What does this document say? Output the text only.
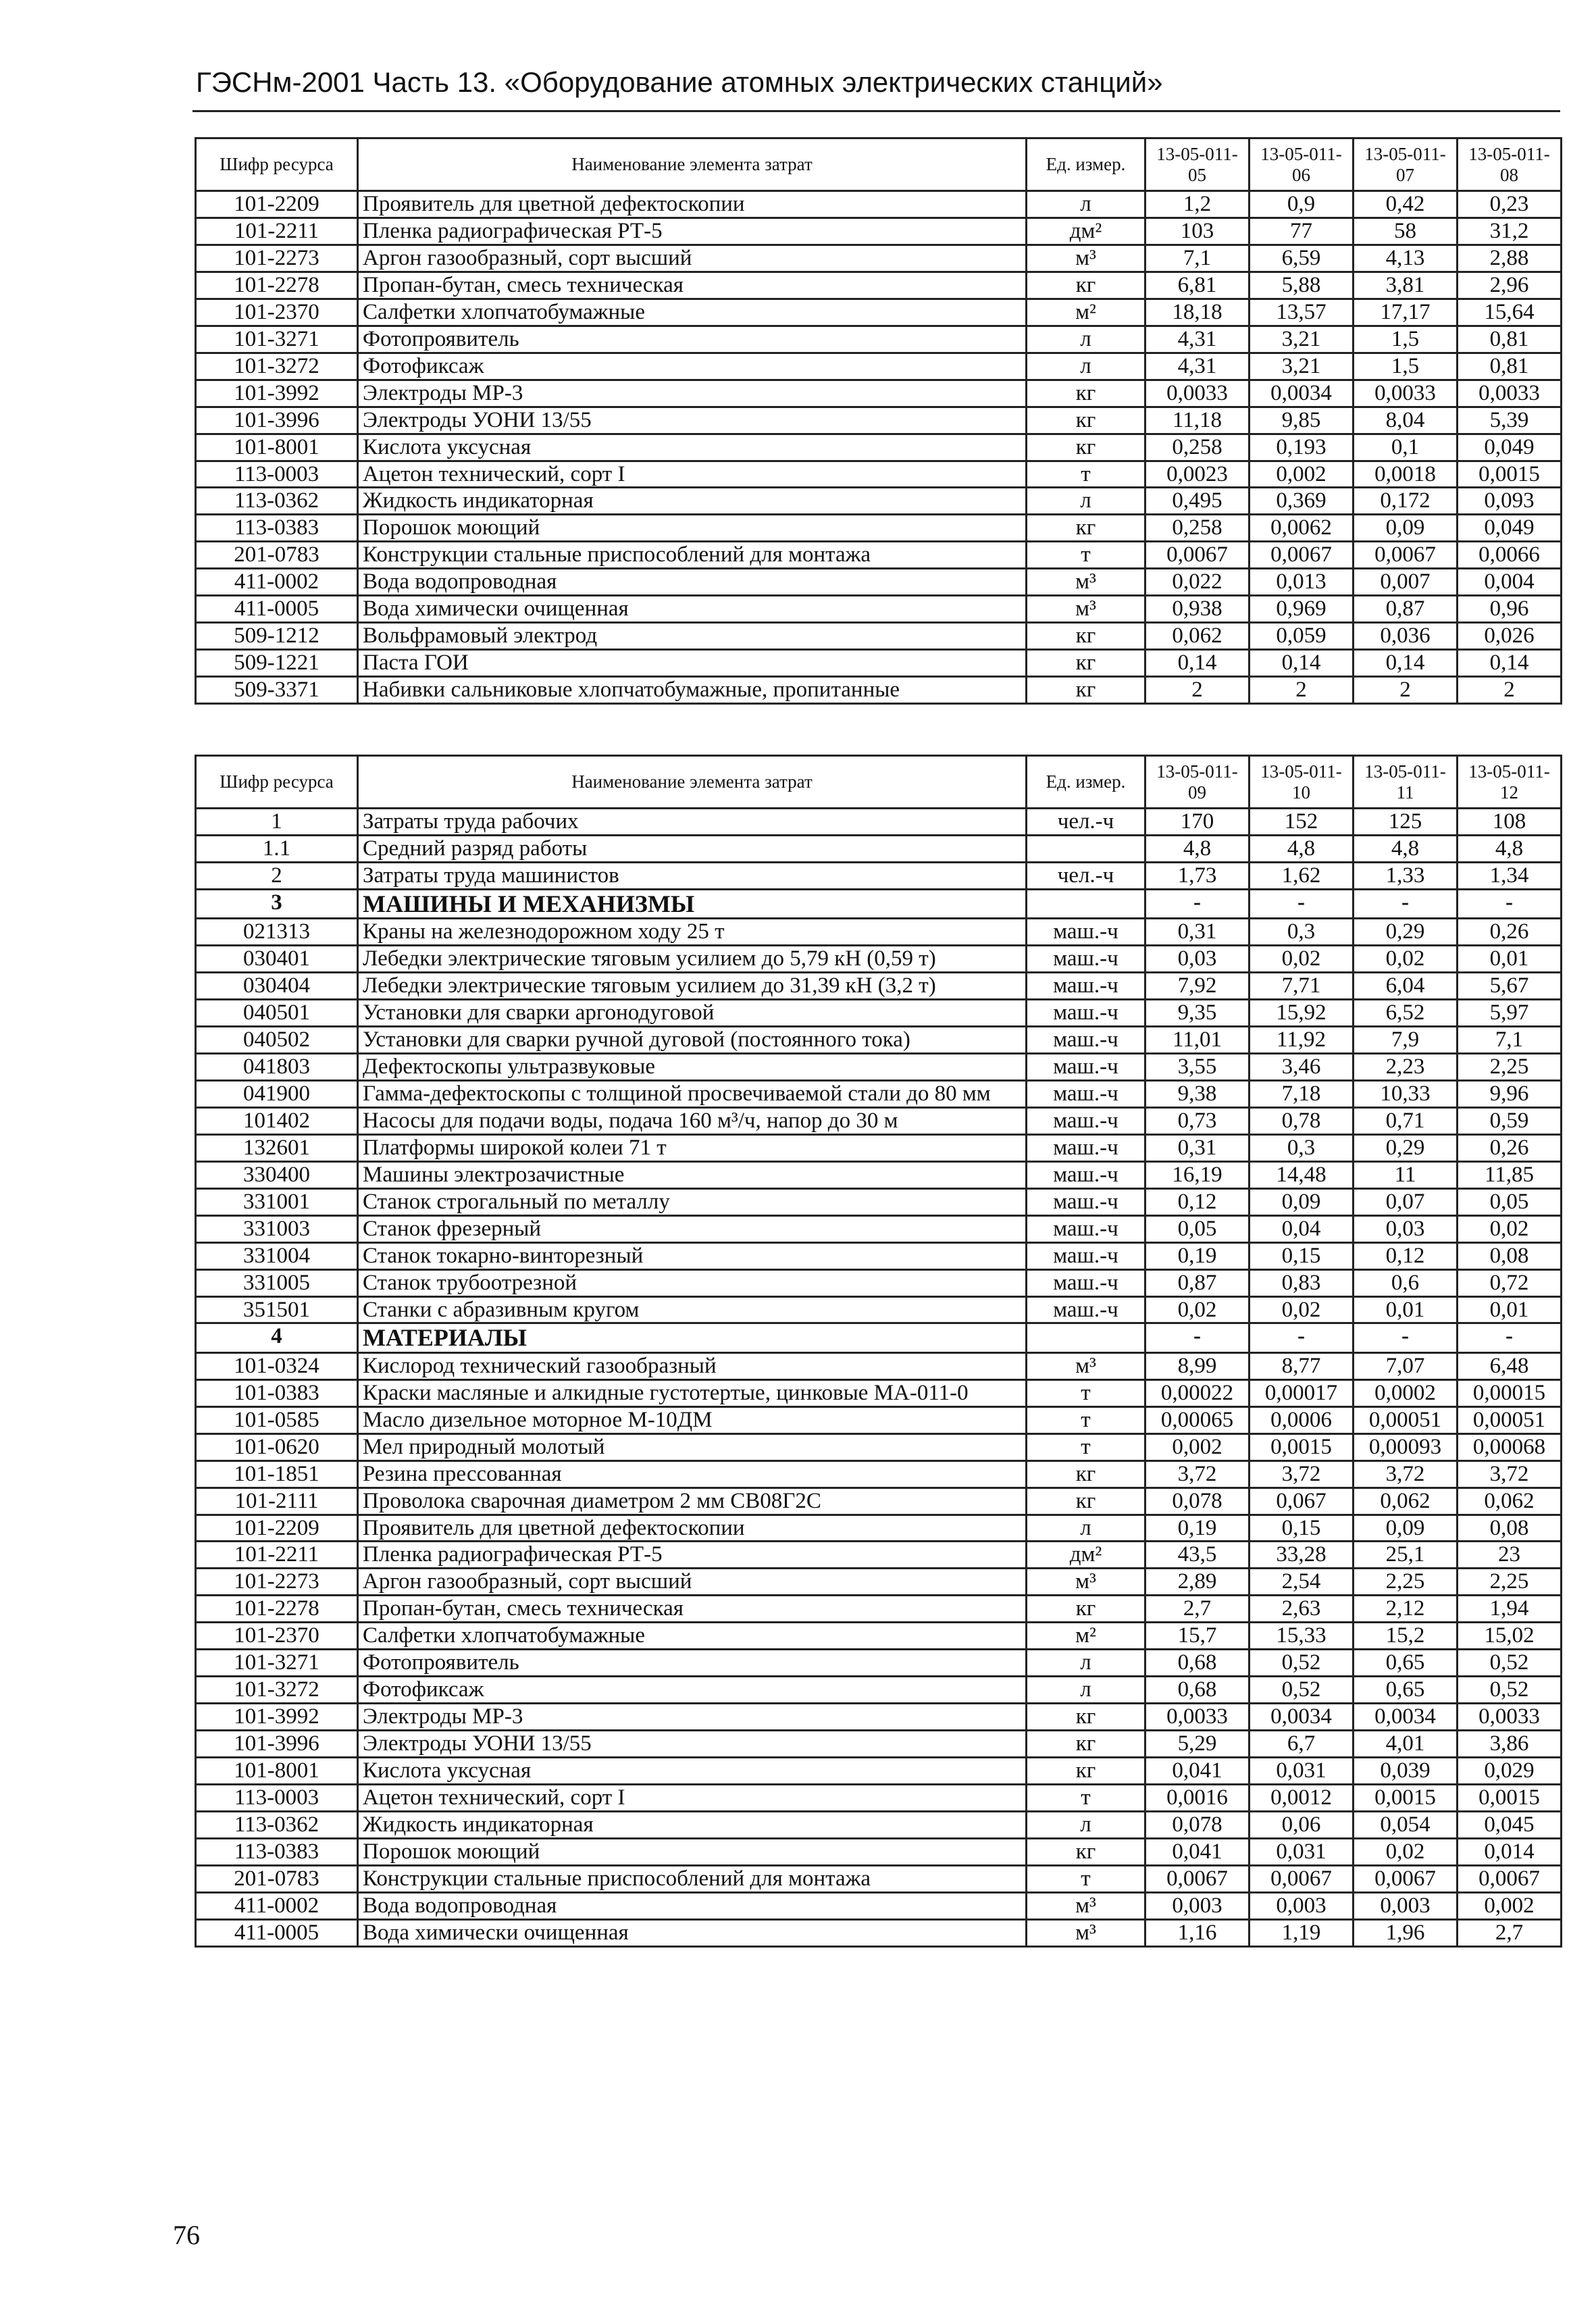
ГЭСНм-2001 Часть 13. «Оборудование атомных электрических станций»
Шифр ресурса	Наименование элемента затрат	Ед. измер.	13-05-011-05	13-05-011-06	13-05-011-07	13-05-011-08
101-2209	Проявитель для цветной дефектоскопии	л	1,2	0,9	0,42	0,23
101-2211	Пленка радиографическая РТ-5	дм²	103	77	58	31,2
101-2273	Аргон газообразный, сорт высший	м³	7,1	6,59	4,13	2,88
101-2278	Пропан-бутан, смесь техническая	кг	6,81	5,88	3,81	2,96
101-2370	Салфетки хлопчатобумажные	м²	18,18	13,57	17,17	15,64
101-3271	Фотопроявитель	л	4,31	3,21	1,5	0,81
101-3272	Фотофиксаж	л	4,31	3,21	1,5	0,81
101-3992	Электроды МР-3	кг	0,0033	0,0034	0,0033	0,0033
101-3996	Электроды УОНИ 13/55	кг	11,18	9,85	8,04	5,39
101-8001	Кислота уксусная	кг	0,258	0,193	0,1	0,049
113-0003	Ацетон технический, сорт I	т	0,0023	0,002	0,0018	0,0015
113-0362	Жидкость индикаторная	л	0,495	0,369	0,172	0,093
113-0383	Порошок моющий	кг	0,258	0,0062	0,09	0,049
201-0783	Конструкции стальные приспособлений для монтажа	т	0,0067	0,0067	0,0067	0,0066
411-0002	Вода водопроводная	м³	0,022	0,013	0,007	0,004
411-0005	Вода химически очищенная	м³	0,938	0,969	0,87	0,96
509-1212	Вольфрамовый электрод	кг	0,062	0,059	0,036	0,026
509-1221	Паста ГОИ	кг	0,14	0,14	0,14	0,14
509-3371	Набивки сальниковые хлопчатобумажные, пропитанные	кг	2	2	2	2
Шифр ресурса	Наименование элемента затрат	Ед. измер.	13-05-011-09	13-05-011-10	13-05-011-11	13-05-011-12
1	Затраты труда рабочих	чел.-ч	170	152	125	108
1.1	Средний разряд работы		4,8	4,8	4,8	4,8
2	Затраты труда машинистов	чел.-ч	1,73	1,62	1,33	1,34
3	МАШИНЫ И МЕХАНИЗМЫ		-	-	-	-
021313	Краны на железнодорожном ходу 25 т	маш.-ч	0,31	0,3	0,29	0,26
030401	Лебедки электрические тяговым усилием до 5,79 кН (0,59 т)	маш.-ч	0,03	0,02	0,02	0,01
030404	Лебедки электрические тяговым усилием до 31,39 кН (3,2 т)	маш.-ч	7,92	7,71	6,04	5,67
040501	Установки для сварки аргонодуговой	маш.-ч	9,35	15,92	6,52	5,97
040502	Установки для сварки ручной дуговой (постоянного тока)	маш.-ч	11,01	11,92	7,9	7,1
041803	Дефектоскопы ультразвуковые	маш.-ч	3,55	3,46	2,23	2,25
041900	Гамма-дефектоскопы с толщиной просвечиваемой стали до 80 мм	маш.-ч	9,38	7,18	10,33	9,96
101402	Насосы для подачи воды, подача 160 м³/ч, напор до 30 м	маш.-ч	0,73	0,78	0,71	0,59
132601	Платформы широкой колеи 71 т	маш.-ч	0,31	0,3	0,29	0,26
330400	Машины электрозачистные	маш.-ч	16,19	14,48	11	11,85
331001	Станок строгальный по металлу	маш.-ч	0,12	0,09	0,07	0,05
331003	Станок фрезерный	маш.-ч	0,05	0,04	0,03	0,02
331004	Станок токарно-винторезный	маш.-ч	0,19	0,15	0,12	0,08
331005	Станок трубоотрезной	маш.-ч	0,87	0,83	0,6	0,72
351501	Станки с абразивным кругом	маш.-ч	0,02	0,02	0,01	0,01
4	МАТЕРИАЛЫ		-	-	-	-
101-0324	Кислород технический газообразный	м³	8,99	8,77	7,07	6,48
101-0383	Краски масляные и алкидные густотертые, цинковые МА-011-0	т	0,00022	0,00017	0,0002	0,00015
101-0585	Масло дизельное моторное М-10ДМ	т	0,00065	0,0006	0,00051	0,00051
101-0620	Мел природный молотый	т	0,002	0,0015	0,00093	0,00068
101-1851	Резина прессованная	кг	3,72	3,72	3,72	3,72
101-2111	Проволока сварочная диаметром 2 мм СВ08Г2С	кг	0,078	0,067	0,062	0,062
101-2209	Проявитель для цветной дефектоскопии	л	0,19	0,15	0,09	0,08
101-2211	Пленка радиографическая РТ-5	дм²	43,5	33,28	25,1	23
101-2273	Аргон газообразный, сорт высший	м³	2,89	2,54	2,25	2,25
101-2278	Пропан-бутан, смесь техническая	кг	2,7	2,63	2,12	1,94
101-2370	Салфетки хлопчатобумажные	м²	15,7	15,33	15,2	15,02
101-3271	Фотопроявитель	л	0,68	0,52	0,65	0,52
101-3272	Фотофиксаж	л	0,68	0,52	0,65	0,52
101-3992	Электроды МР-3	кг	0,0033	0,0034	0,0034	0,0033
101-3996	Электроды УОНИ 13/55	кг	5,29	6,7	4,01	3,86
101-8001	Кислота уксусная	кг	0,041	0,031	0,039	0,029
113-0003	Ацетон технический, сорт I	т	0,0016	0,0012	0,0015	0,0015
113-0362	Жидкость индикаторная	л	0,078	0,06	0,054	0,045
113-0383	Порошок моющий	кг	0,041	0,031	0,02	0,014
201-0783	Конструкции стальные приспособлений для монтажа	т	0,0067	0,0067	0,0067	0,0067
411-0002	Вода водопроводная	м³	0,003	0,003	0,003	0,002
411-0005	Вода химически очищенная	м³	1,16	1,19	1,96	2,7
76
